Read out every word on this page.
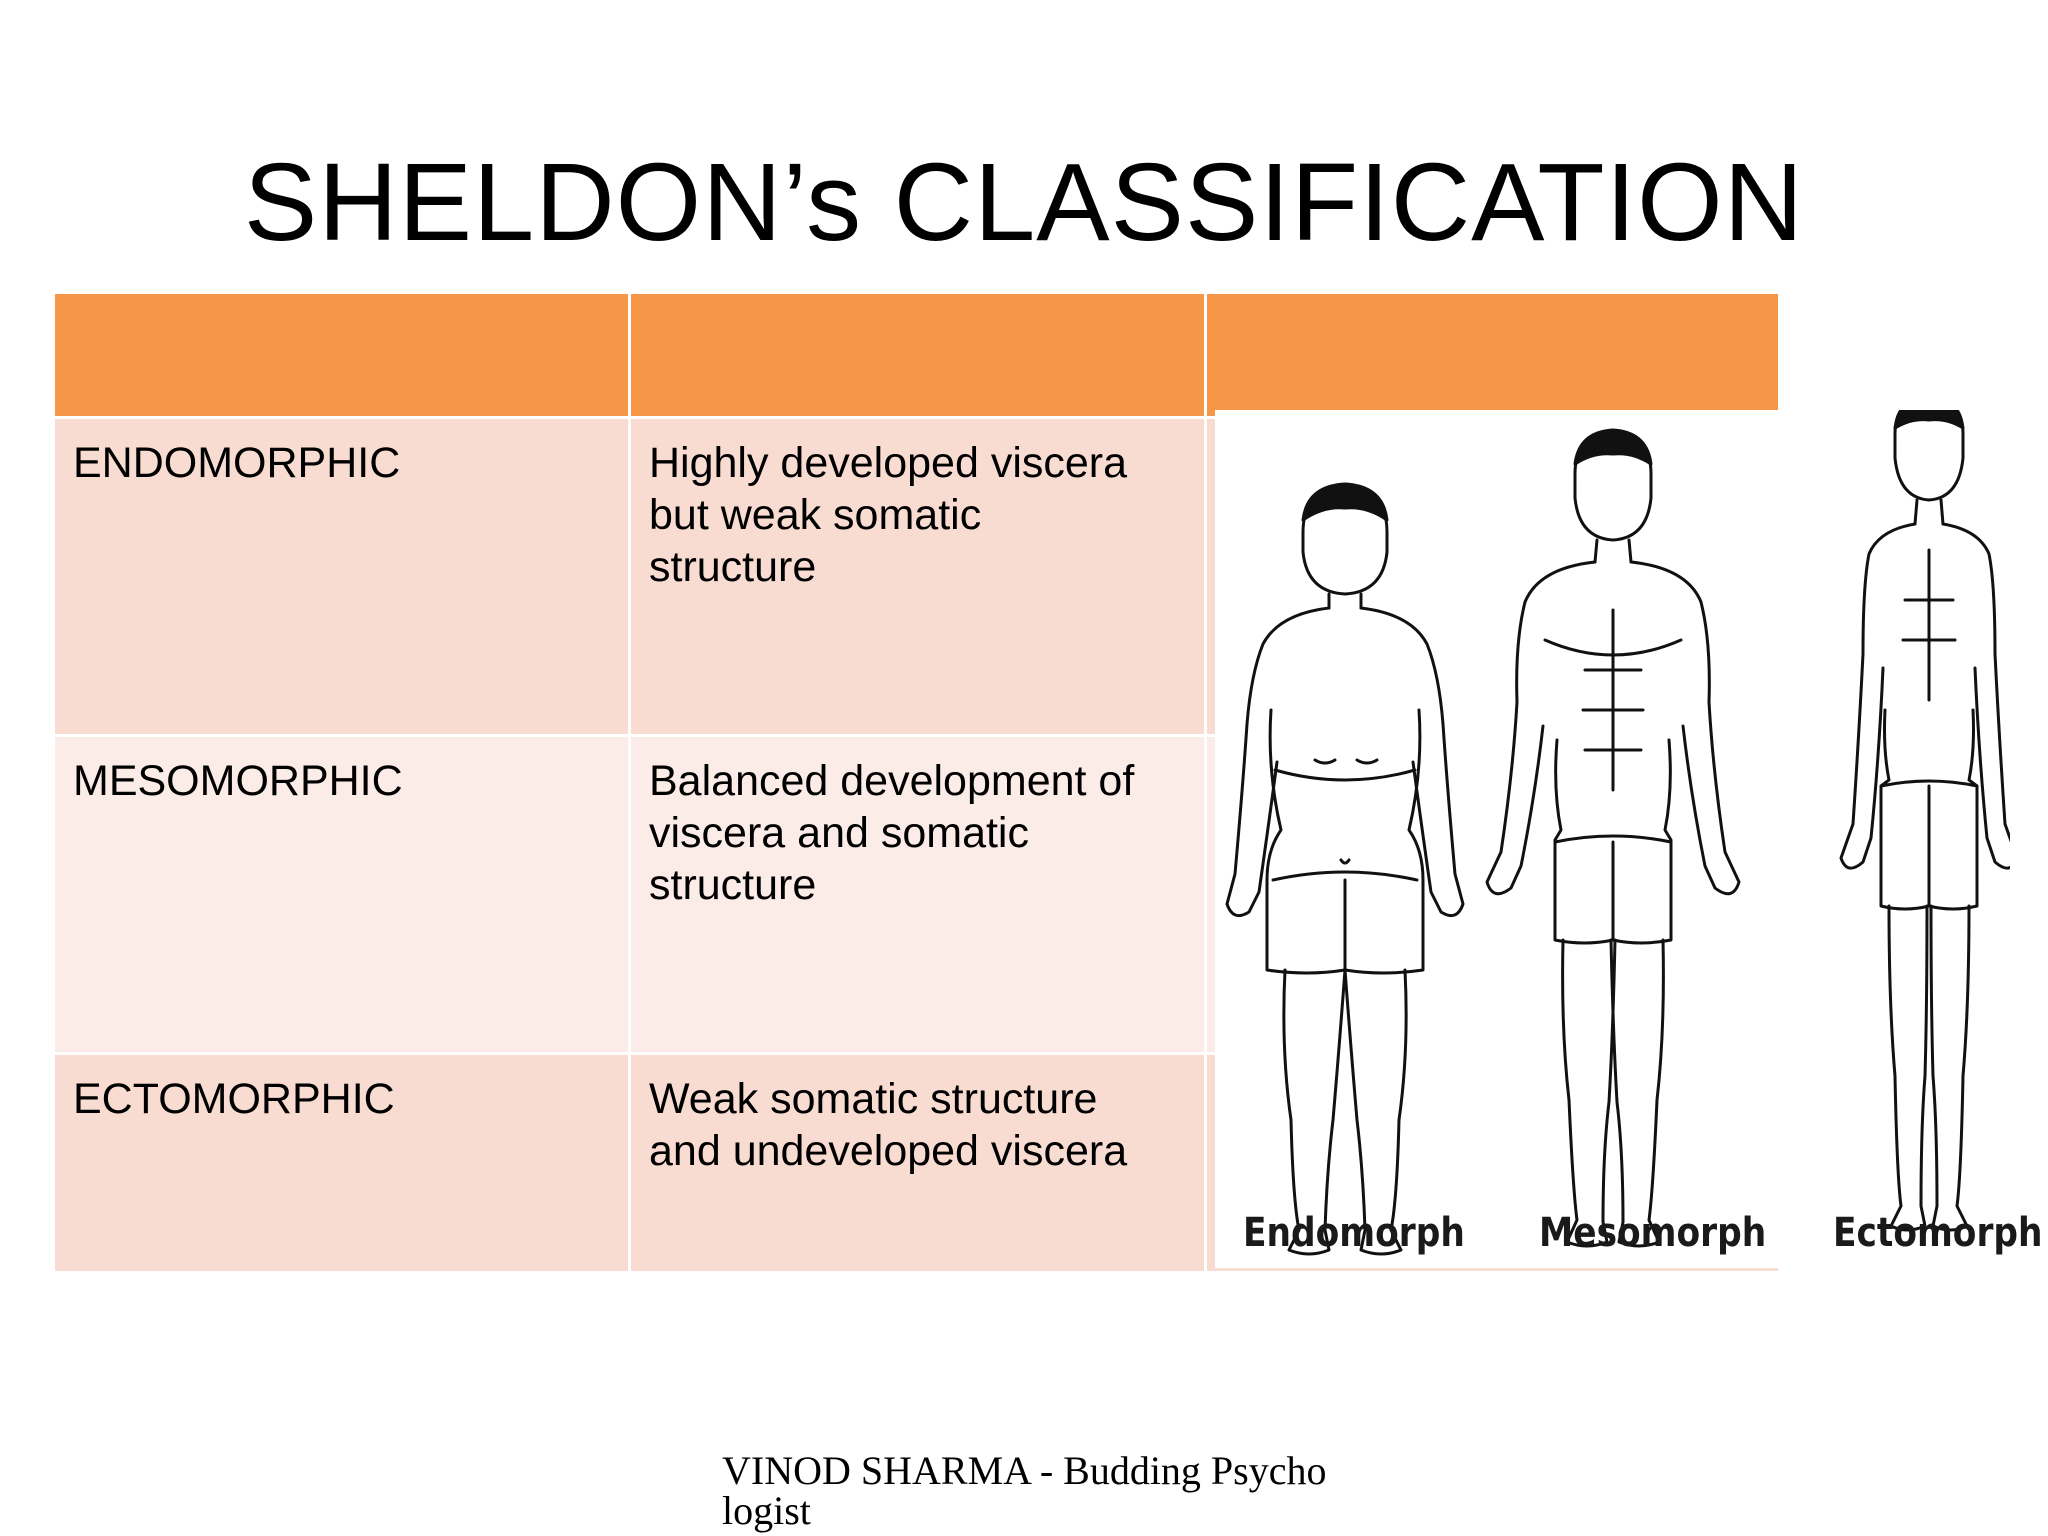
SHELDON’s CLASSIFICATION

ENDOMORPHIC	Highly developed viscera
but weak somatic
structure	

MESOMORPHIC	Balanced development of
viscera and somatic
structure	

ECTOMORPHIC	Weak somatic structure
and undeveloped viscera	

Endomorph Mesomorph Ectomorph
VINOD SHARMA - Budding Psycho
logist
